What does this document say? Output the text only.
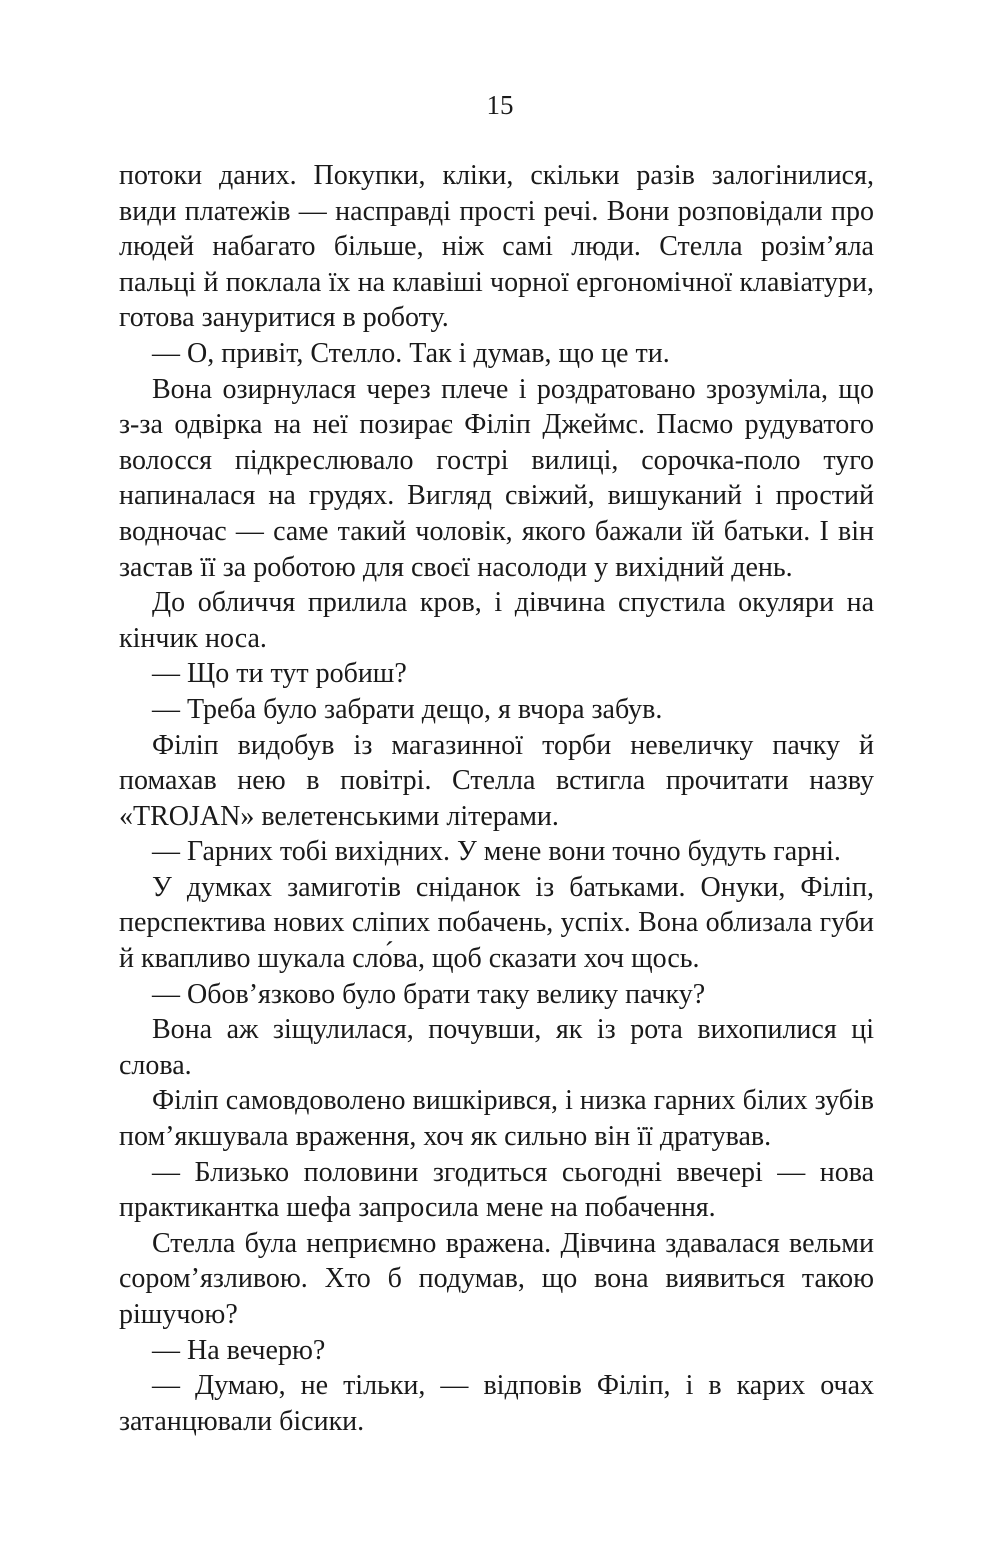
15

потоки даних. Покупки, кліки, скільки разів залогінилися, види платежів — насправді прості речі. Вони розповідали про людей набагато більше, ніж самі люди. Стелла розім’яла пальці й поклала їх на клавіші чорної ергономічної клавіатури, готова зануритися в роботу.

— О, привіт, Стелло. Так і думав, що це ти.

Вона озирнулася через плече і роздратовано зрозуміла, що з-за одвірка на неї позирає Філіп Джеймс. Пасмо рудуватого волосся підкреслювало гострі вилиці, сорочка-поло туго напиналася на грудях. Вигляд свіжий, вишуканий і простий водночас — саме такий чоловік, якого бажали їй батьки. І він застав її за роботою для своєї насолоди у вихідний день.

До обличчя прилила кров, і дівчина спустила окуляри на кінчик носа.

— Що ти тут робиш?

— Треба було забрати дещо, я вчора забув.

Філіп видобув із магазинної торби невеличку пачку й помахав нею в повітрі. Стелла встигла прочитати назву «TROJAN» велетенськими літерами.

— Гарних тобі вихідних. У мене вони точно будуть гарні.

У думках замиготів сніданок із батьками. Онуки, Філіп, перспектива нових сліпих побачень, успіх. Вона облизала губи й квапливо шукала сло́ва, щоб сказати хоч щось.

— Обов’язково було брати таку велику пачку?

Вона аж зіщулилася, почувши, як із рота вихопилися ці слова.

Філіп самовдоволено вишкірився, і низка гарних білих зубів пом’якшувала враження, хоч як сильно він її дратував.

— Близько половини згодиться сьогодні ввечері — нова практикантка шефа запросила мене на побачення.

Стелла була неприємно вражена. Дівчина здавалася вельми сором’язливою. Хто б подумав, що вона виявиться такою рішучою?

— На вечерю?

— Думаю, не тільки, — відповів Філіп, і в карих очах затанцювали бісики.
